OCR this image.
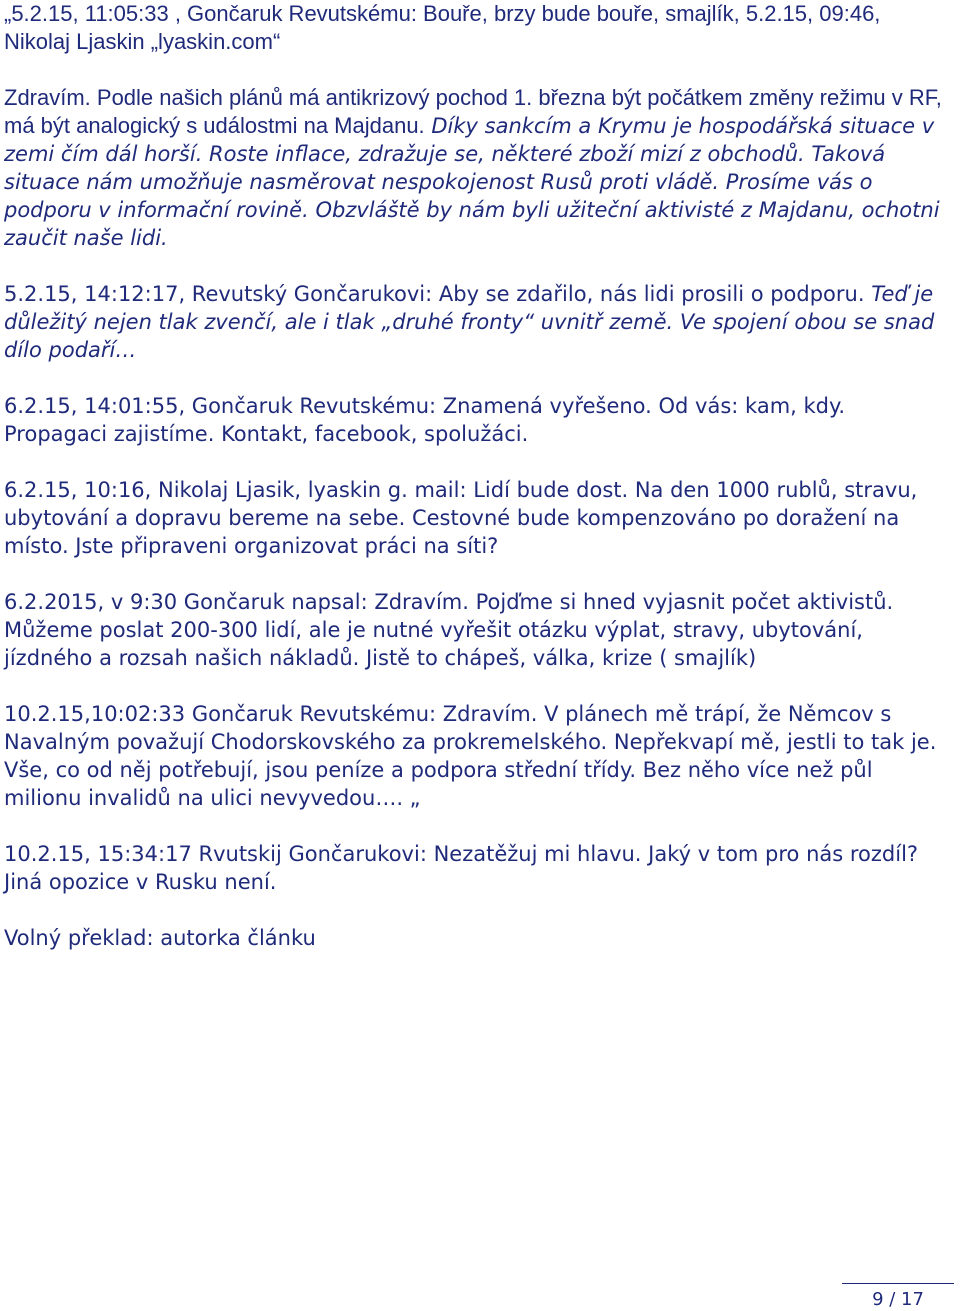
„5.2.15, 11:05:33 , Gončaruk Revutskému: Bouře, brzy bude bouře, smajlík, 5.2.15, 09:46, Nikolaj Ljaskin „lyaskin.com“

Zdravím. Podle našich plánů má antikrizový pochod 1. března být počátkem změny režimu v RF, má být analogický s událostmi na Majdanu. Díky sankcím a Krymu je hospodářská situace v zemi čím dál horší. Roste inflace, zdražuje se, některé zboží mizí z obchodů. Taková situace nám umožňuje nasměrovat nespokojenost Rusů proti vládě. Prosíme vás o podporu v informační rovině. Obzvláště by nám byli užiteční aktivisté z Majdanu, ochotni zaučit naše lidi.

5.2.15, 14:12:17, Revutský Gončarukovi: Aby se zdařilo, nás lidi prosili o podporu. Teď je důležitý nejen tlak zvenčí, ale i tlak „druhé fronty“ uvnitř země. Ve spojení obou se snad dílo podaří…

6.2.15, 14:01:55, Gončaruk Revutskému: Znamená vyřešeno. Od vás: kam, kdy. Propagaci zajistíme. Kontakt, facebook, spolužáci.

6.2.15, 10:16, Nikolaj Ljasik, lyaskin g. mail: Lidí bude dost. Na den 1000 rublů, stravu, ubytování a dopravu bereme na sebe. Cestovné bude kompenzováno po doražení na místo. Jste připraveni organizovat práci na síti?

6.2.2015, v 9:30 Gončaruk napsal: Zdravím. Pojďme si hned vyjasnit počet aktivistů. Můžeme poslat 200-300 lidí, ale je nutné vyřešit otázku výplat, stravy, ubytování, jízdného a rozsah našich nákladů. Jistě to chápeš, válka, krize ( smajlík)

10.2.15,10:02:33 Gončaruk Revutskému: Zdravím. V plánech mě trápí, že Němcov s Navalným považují Chodorskovského za prokremelského. Nepřekvapí mě, jestli to tak je. Vše, co od něj potřebují, jsou peníze a podpora střední třídy. Bez něho více než půl milionu invalidů na ulici nevyvedou…. „

10.2.15, 15:34:17 Rvutskij Gončarukovi: Nezatěžuj mi hlavu. Jaký v tom pro nás rozdíl? Jiná opozice v Rusku není.

Volný překlad: autorka článku

9 / 17
